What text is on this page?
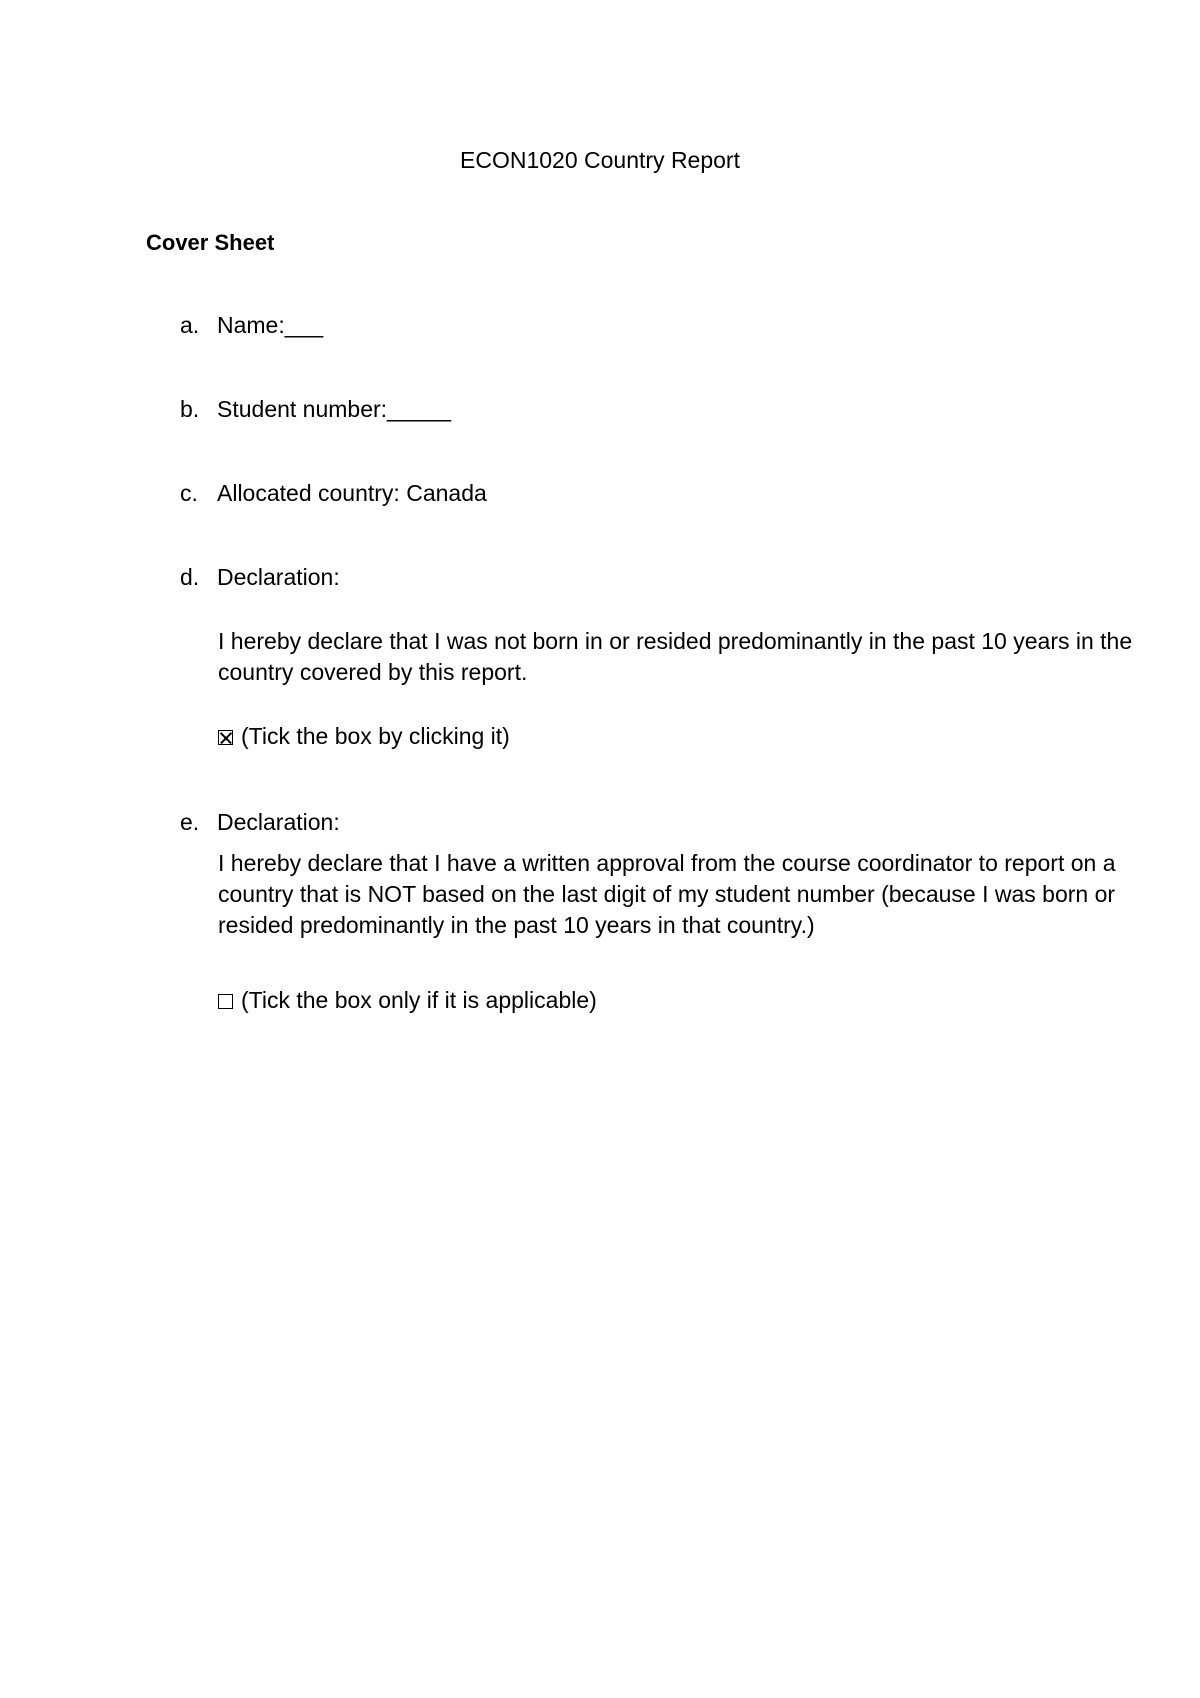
ECON1020 Country Report
Cover Sheet
a. Name:___
b. Student number:_____
c. Allocated country: Canada
d. Declaration:
I hereby declare that I was not born in or resided predominantly in the past 10 years in the country covered by this report.
(Tick the box by clicking it)
e. Declaration:
I hereby declare that I have a written approval from the course coordinator to report on a country that is NOT based on the last digit of my student number (because I was born or resided predominantly in the past 10 years in that country.)
(Tick the box only if it is applicable)
